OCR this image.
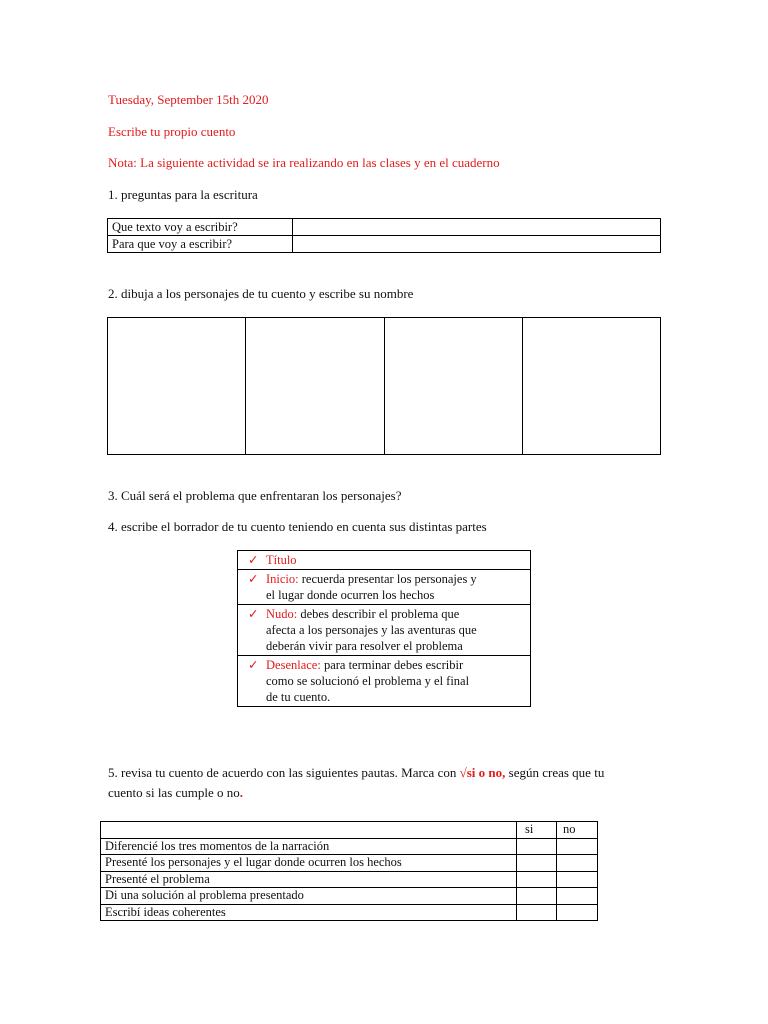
Tuesday, September 15th 2020
Escribe tu propio cuento
Nota: La siguiente actividad se ira realizando en las clases y en el cuaderno
1. preguntas para la escritura
Que texto voy a escribir?	
Para que voy a escribir?	
2. dibuja a los personajes de tu cuento y escribe su nombre

3. Cuál será el problema que enfrentaran los personajes?
4. escribe el borrador de tu cuento teniendo en cuenta sus distintas partes
✓ Título
✓ Inicio: recuerda presentar los personajes y
el lugar donde ocurren los hechos

✓ Nudo: debes describir el problema que
afecta a los personajes y las aventuras que
deberán vivir para resolver el problema

✓ Desenlace: para terminar debes escribir
como se solucionó el problema y el final
de tu cuento.
5. revisa tu cuento de acuerdo con las siguientes pautas. Marca con √si o no, según creas que tu
cuento si las cumple o no.
	si	no
Diferencié los tres momentos de la narración		
Presenté los personajes y el lugar donde ocurren los hechos		
Presenté el problema		
Di una solución al problema presentado		
Escribí ideas coherentes		
